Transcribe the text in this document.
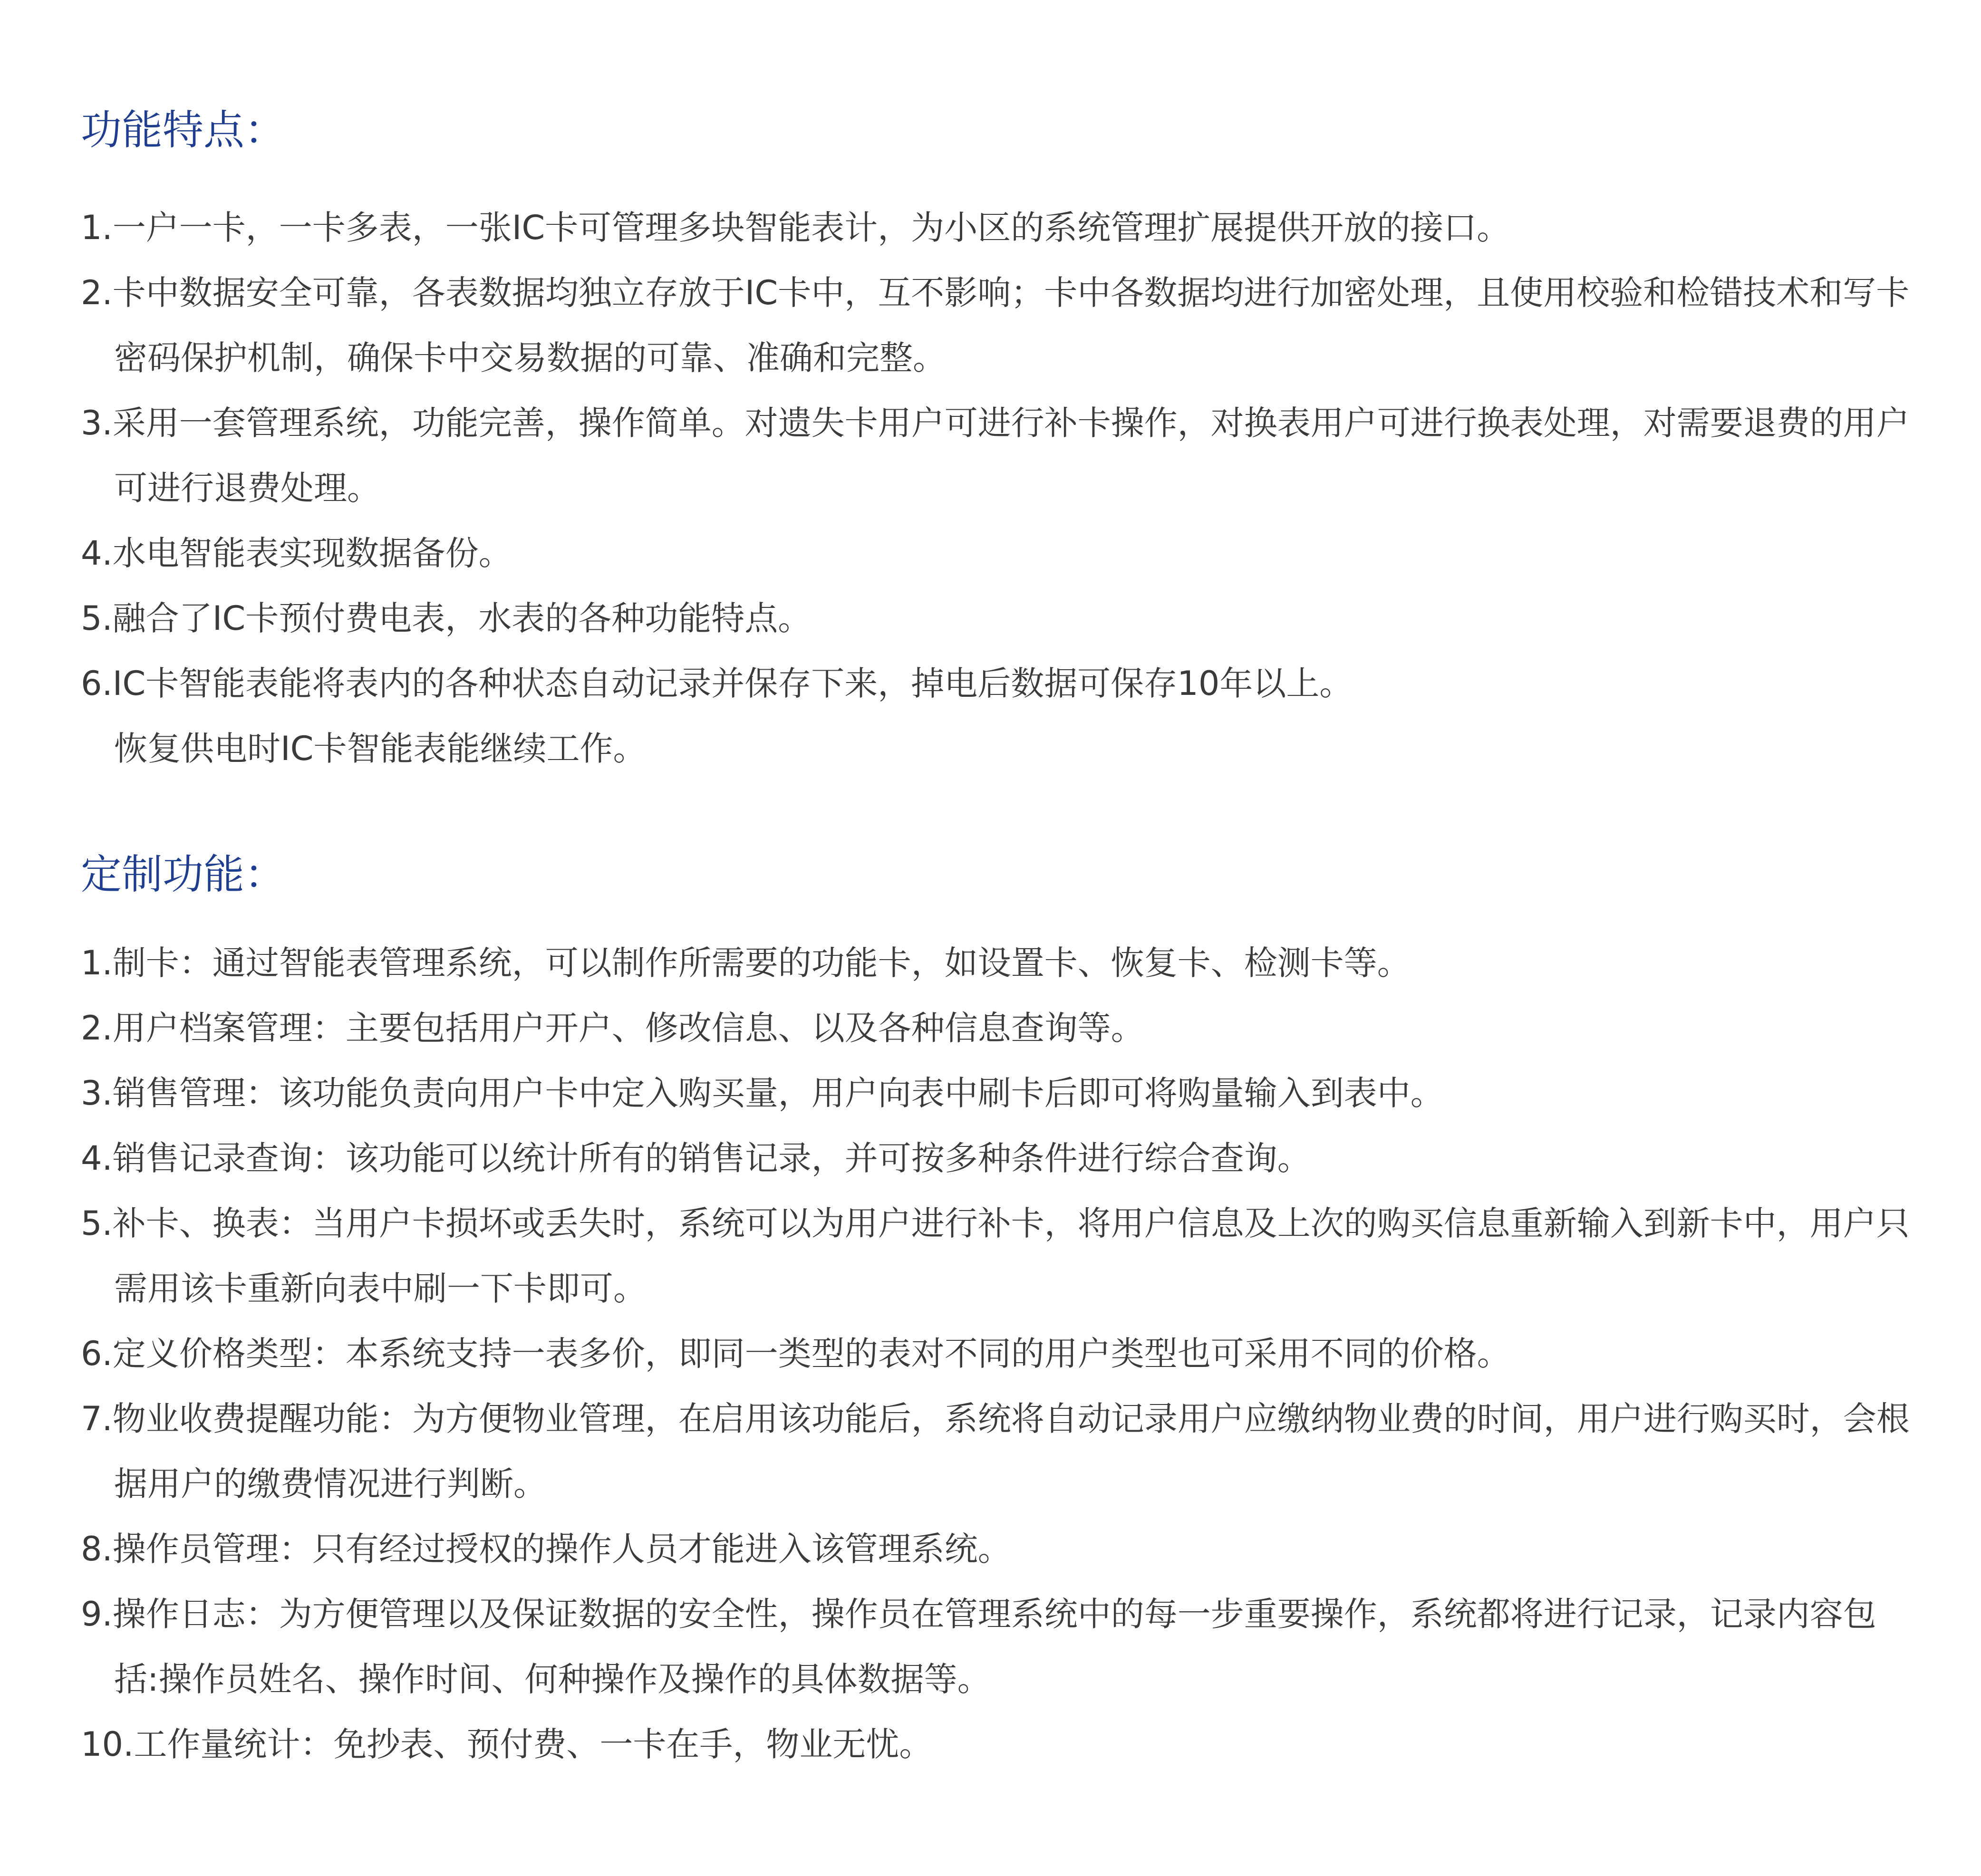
功能特点：
1.一户一卡，一卡多表，一张IC卡可管理多块智能表计，为小区的系统管理扩展提供开放的接口。
2.卡中数据安全可靠，各表数据均独立存放于IC卡中，互不影响；卡中各数据均进行加密处理，且使用校验和检错技术和写卡密码保护机制，确保卡中交易数据的可靠、准确和完整。
3.采用一套管理系统，功能完善，操作简单。对遗失卡用户可进行补卡操作，对换表用户可进行换表处理，对需要退费的用户可进行退费处理。
4.水电智能表实现数据备份。
5.融合了IC卡预付费电表，水表的各种功能特点。
6.IC卡智能表能将表内的各种状态自动记录并保存下来，掉电后数据可保存10年以上。
恢复供电时IC卡智能表能继续工作。
定制功能：
1.制卡：通过智能表管理系统，可以制作所需要的功能卡，如设置卡、恢复卡、检测卡等。
2.用户档案管理：主要包括用户开户、修改信息、以及各种信息查询等。
3.销售管理：该功能负责向用户卡中定入购买量，用户向表中刷卡后即可将购量输入到表中。
4.销售记录查询：该功能可以统计所有的销售记录，并可按多种条件进行综合查询。
5.补卡、换表：当用户卡损坏或丢失时，系统可以为用户进行补卡，将用户信息及上次的购买信息重新输入到新卡中，用户只需用该卡重新向表中刷一下卡即可。
6.定义价格类型：本系统支持一表多价，即同一类型的表对不同的用户类型也可采用不同的价格。
7.物业收费提醒功能：为方便物业管理，在启用该功能后，系统将自动记录用户应缴纳物业费的时间，用户进行购买时，会根据用户的缴费情况进行判断。
8.操作员管理：只有经过授权的操作人员才能进入该管理系统。
9.操作日志：为方便管理以及保证数据的安全性，操作员在管理系统中的每一步重要操作，系统都将进行记录，记录内容包括:操作员姓名、操作时间、何种操作及操作的具体数据等。
10.工作量统计：免抄表、预付费、一卡在手，物业无忧。
